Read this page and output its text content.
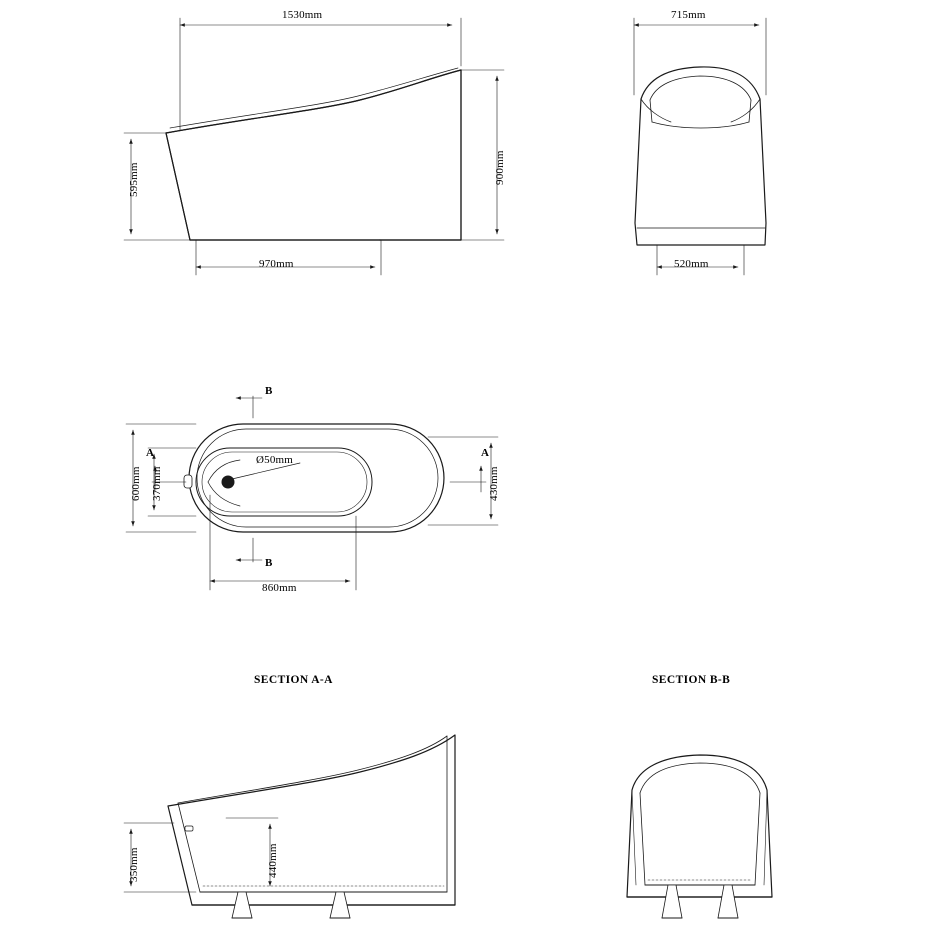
1530mm
900mm
595mm
970mm
715mm
520mm
600mm 370mm	430mm
Ø50mm
860mm
B
B
A	A
SECTION A-A	SECTION B-B
350mm	440mm
